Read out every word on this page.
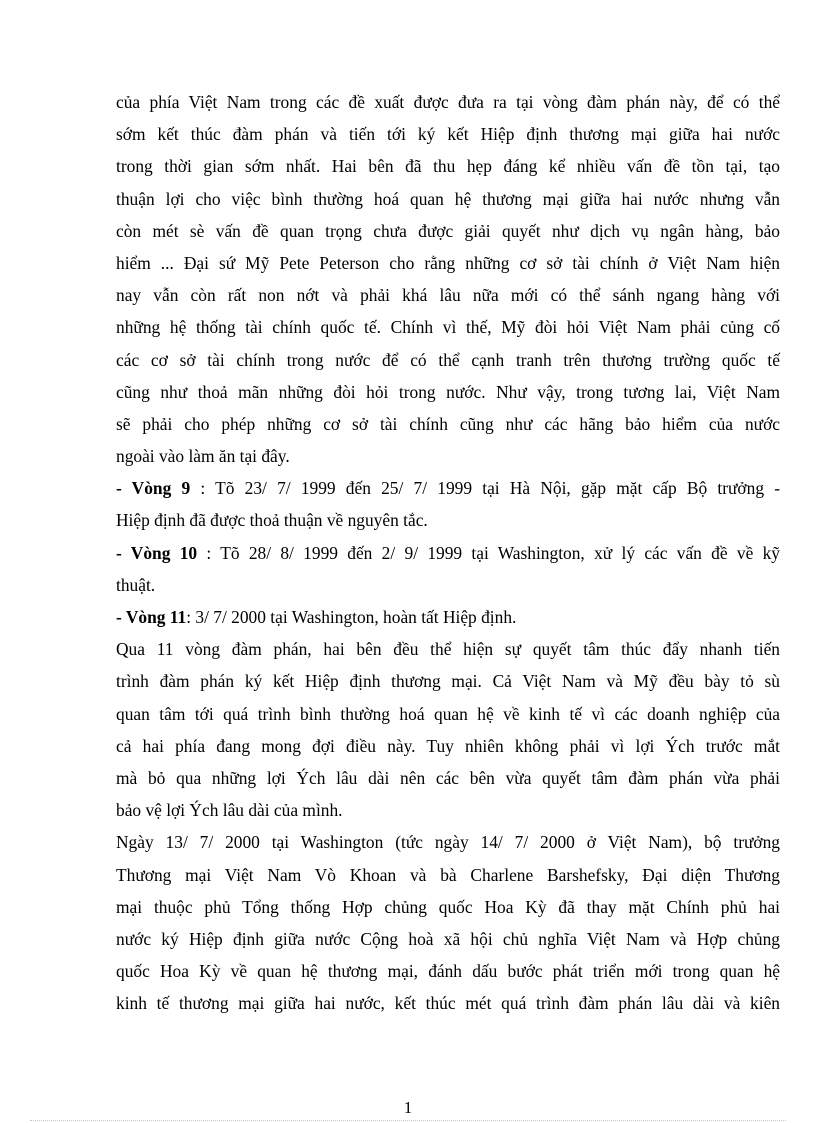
của phía Việt Nam trong các đề xuất được đưa ra tại vòng đàm phán này, để có thể
sớm kết thúc đàm phán và tiến tới ký kết Hiệp định thương mại giữa hai nước
trong thời gian sớm nhất. Hai bên đã thu hẹp đáng kể nhiều vấn đề tồn tại, tạo
thuận lợi cho việc bình thường hoá quan hệ thương mại giữa hai nước nhưng vẫn
còn mét sè vấn đề quan trọng chưa được giải quyết như dịch vụ ngân hàng, bảo
hiểm ... Đại sứ Mỹ Pete Peterson cho rằng những cơ sở tài chính ở Việt Nam hiện
nay vẫn còn rất non nớt và phải khá lâu nữa mới có thể sánh ngang hàng với
những hệ thống tài chính quốc tế. Chính vì thế, Mỹ đòi hỏi Việt Nam phải củng cố
các cơ sở tài chính trong nước để có thể cạnh tranh trên thương trường quốc tế
cũng như thoả mãn những đòi hỏi trong nước. Như vậy, trong tương lai, Việt Nam
sẽ phải cho phép những cơ sở tài chính cũng như các hãng bảo hiểm của nước
ngoài vào làm ăn tại đây.
- Vòng 9 : Tõ 23/ 7/ 1999 đến 25/ 7/ 1999 tại Hà Nội, gặp mặt cấp Bộ trưởng -
Hiệp định đã được thoả thuận về nguyên tắc.
- Vòng 10 : Tõ 28/ 8/ 1999 đến 2/ 9/ 1999 tại Washington, xử lý các vấn đề về kỹ
thuật.
- Vòng 11: 3/ 7/ 2000 tại Washington, hoàn tất Hiệp định.
Qua 11 vòng đàm phán, hai bên đều thể hiện sự quyết tâm thúc đẩy nhanh tiến
trình đàm phán ký kết Hiệp định thương mại. Cả Việt Nam và Mỹ đều bày tỏ sù
quan tâm tới quá trình bình thường hoá quan hệ về kinh tế vì các doanh nghiệp của
cả hai phía đang mong đợi điều này. Tuy nhiên không phải vì lợi Ých trước mắt
mà bỏ qua những lợi Ých lâu dài nên các bên vừa quyết tâm đàm phán vừa phải
bảo vệ lợi Ých lâu dài của mình.
Ngày 13/ 7/ 2000 tại Washington (tức ngày 14/ 7/ 2000 ở Việt Nam), bộ trưởng
Thương mại Việt Nam Vò Khoan và bà Charlene Barshefsky, Đại diện Thương
mại thuộc phủ Tổng thống Hợp chủng quốc Hoa Kỳ đã thay mặt Chính phủ hai
nước ký Hiệp định giữa nước Cộng hoà xã hội chủ nghĩa Việt Nam và Hợp chủng
quốc Hoa Kỳ về quan hệ thương mại, đánh dấu bước phát triển mới trong quan hệ
kinh tế thương mại giữa hai nước, kết thúc mét quá trình đàm phán lâu dài và kiên
1
